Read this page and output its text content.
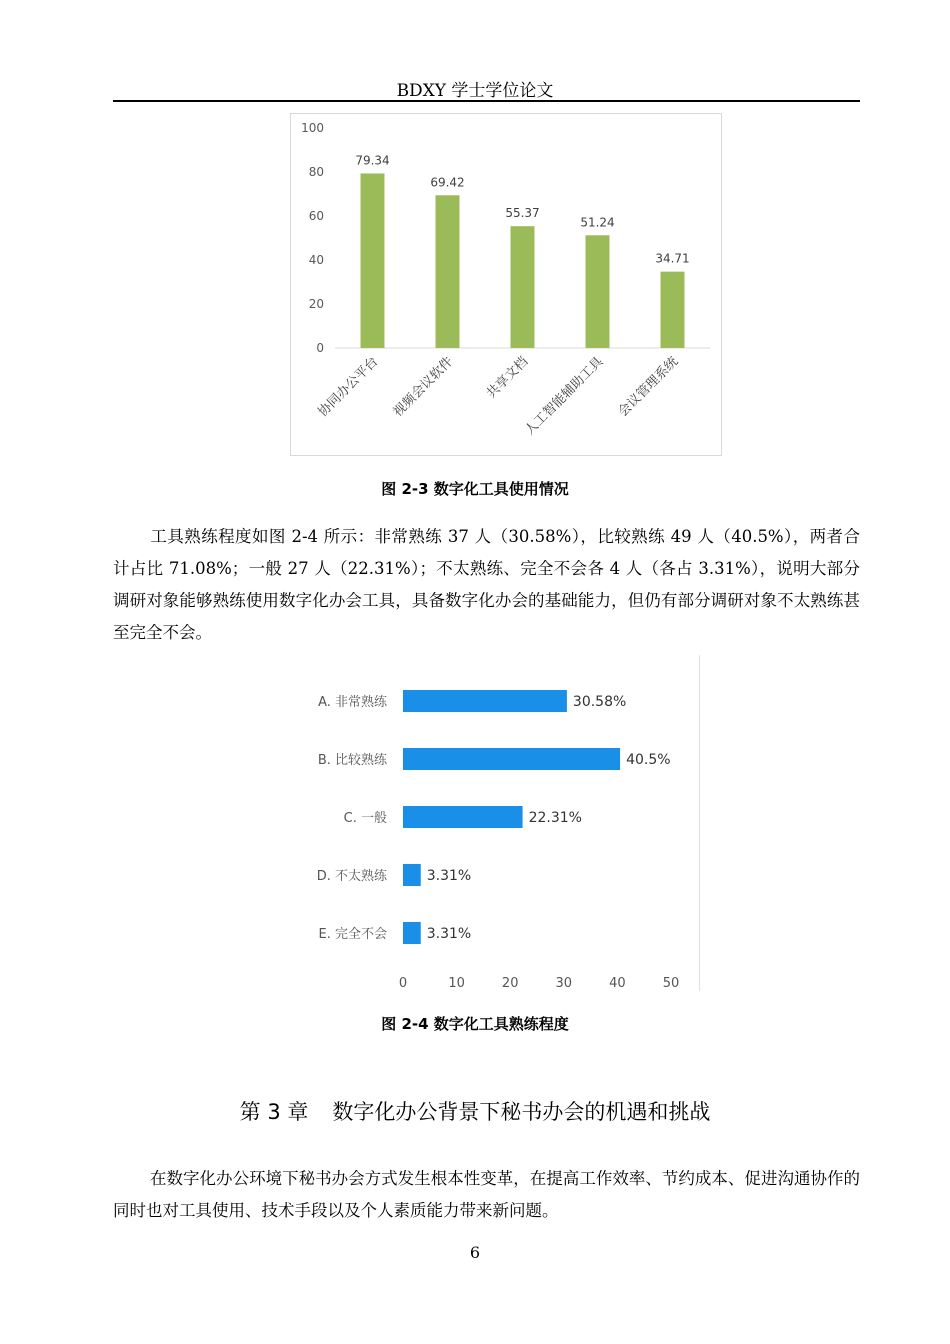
BDXY 学士学位论文
0
20
40
60
80
100
79.34
协同办公平台
69.42
视频会议软件
55.37
共享文档
51.24
人工智能辅助工具
34.71
会议管理系统
图 2-3 数字化工具使用情况
工具熟练程度如图 2-4 所示：非常熟练 37 人（30.58%），比较熟练 49 人（40.5%），两者合计占比 71.08%；一般 27 人（22.31%）；不太熟练、完全不会各 4 人（各占 3.31%），说明大部分调研对象能够熟练使用数字化办会工具，具备数字化办会的基础能力，但仍有部分调研对象不太熟练甚至完全不会。
A. 非常熟练	30.58%
B. 比较熟练	40.5%
C. 一般	22.31%
D. 不太熟练	3.31%
E. 完全不会	3.31%
0	10	20	30	40	50
图 2-4 数字化工具熟练程度
第 3 章 数字化办公背景下秘书办会的机遇和挑战
在数字化办公环境下秘书办会方式发生根本性变革，在提高工作效率、节约成本、促进沟通协作的同时也对工具使用、技术手段以及个人素质能力带来新问题。
6
